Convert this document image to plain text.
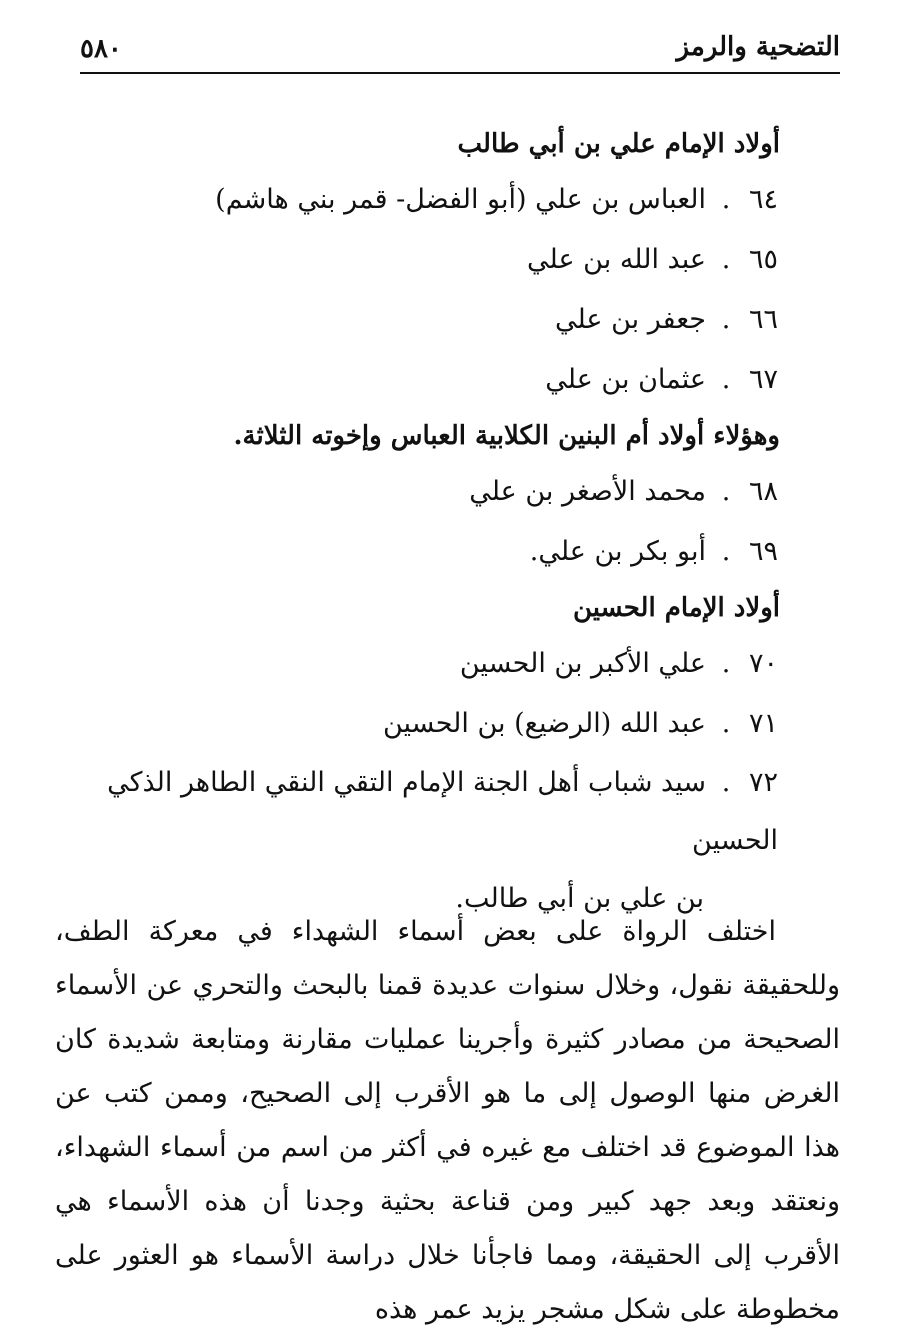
٥٨٠	التضحية والرمز
أولاد الإمام علي بن أبي طالب
٦٤.العباس بن علي (أبو الفضل- قمر بني هاشم)
٦٥.عبد الله بن علي
٦٦.جعفر بن علي
٦٧.عثمان بن علي
وهؤلاء أولاد أم البنين الكلابية العباس وإخوته الثلاثة.
٦٨.محمد الأصغر بن علي
٦٩.أبو بكر بن علي.
أولاد الإمام الحسين
٧٠.علي الأكبر بن الحسين
٧١.عبد الله (الرضيع) بن الحسين
٧٢.سيد شباب أهل الجنة الإمام التقي النقي الطاهر الذكي الحسين
بن علي بن أبي طالب.
اختلف الرواة على بعض أسماء الشهداء في معركة الطف، وللحقيقة نقول، وخلال سنوات عديدة قمنا بالبحث والتحري عن الأسماء الصحيحة من مصادر كثيرة وأجرينا عمليات مقارنة ومتابعة شديدة كان الغرض منها الوصول إلى ما هو الأقرب إلى الصحيح، وممن كتب عن هذا الموضوع قد اختلف مع غيره في أكثر من اسم من أسماء الشهداء، ونعتقد وبعد جهد كبير ومن قناعة بحثية وجدنا أن هذه الأسماء هي الأقرب إلى الحقيقة، ومما فاجأنا خلال دراسة الأسماء هو العثور على مخطوطة على شكل مشجر يزيد عمر هذه
